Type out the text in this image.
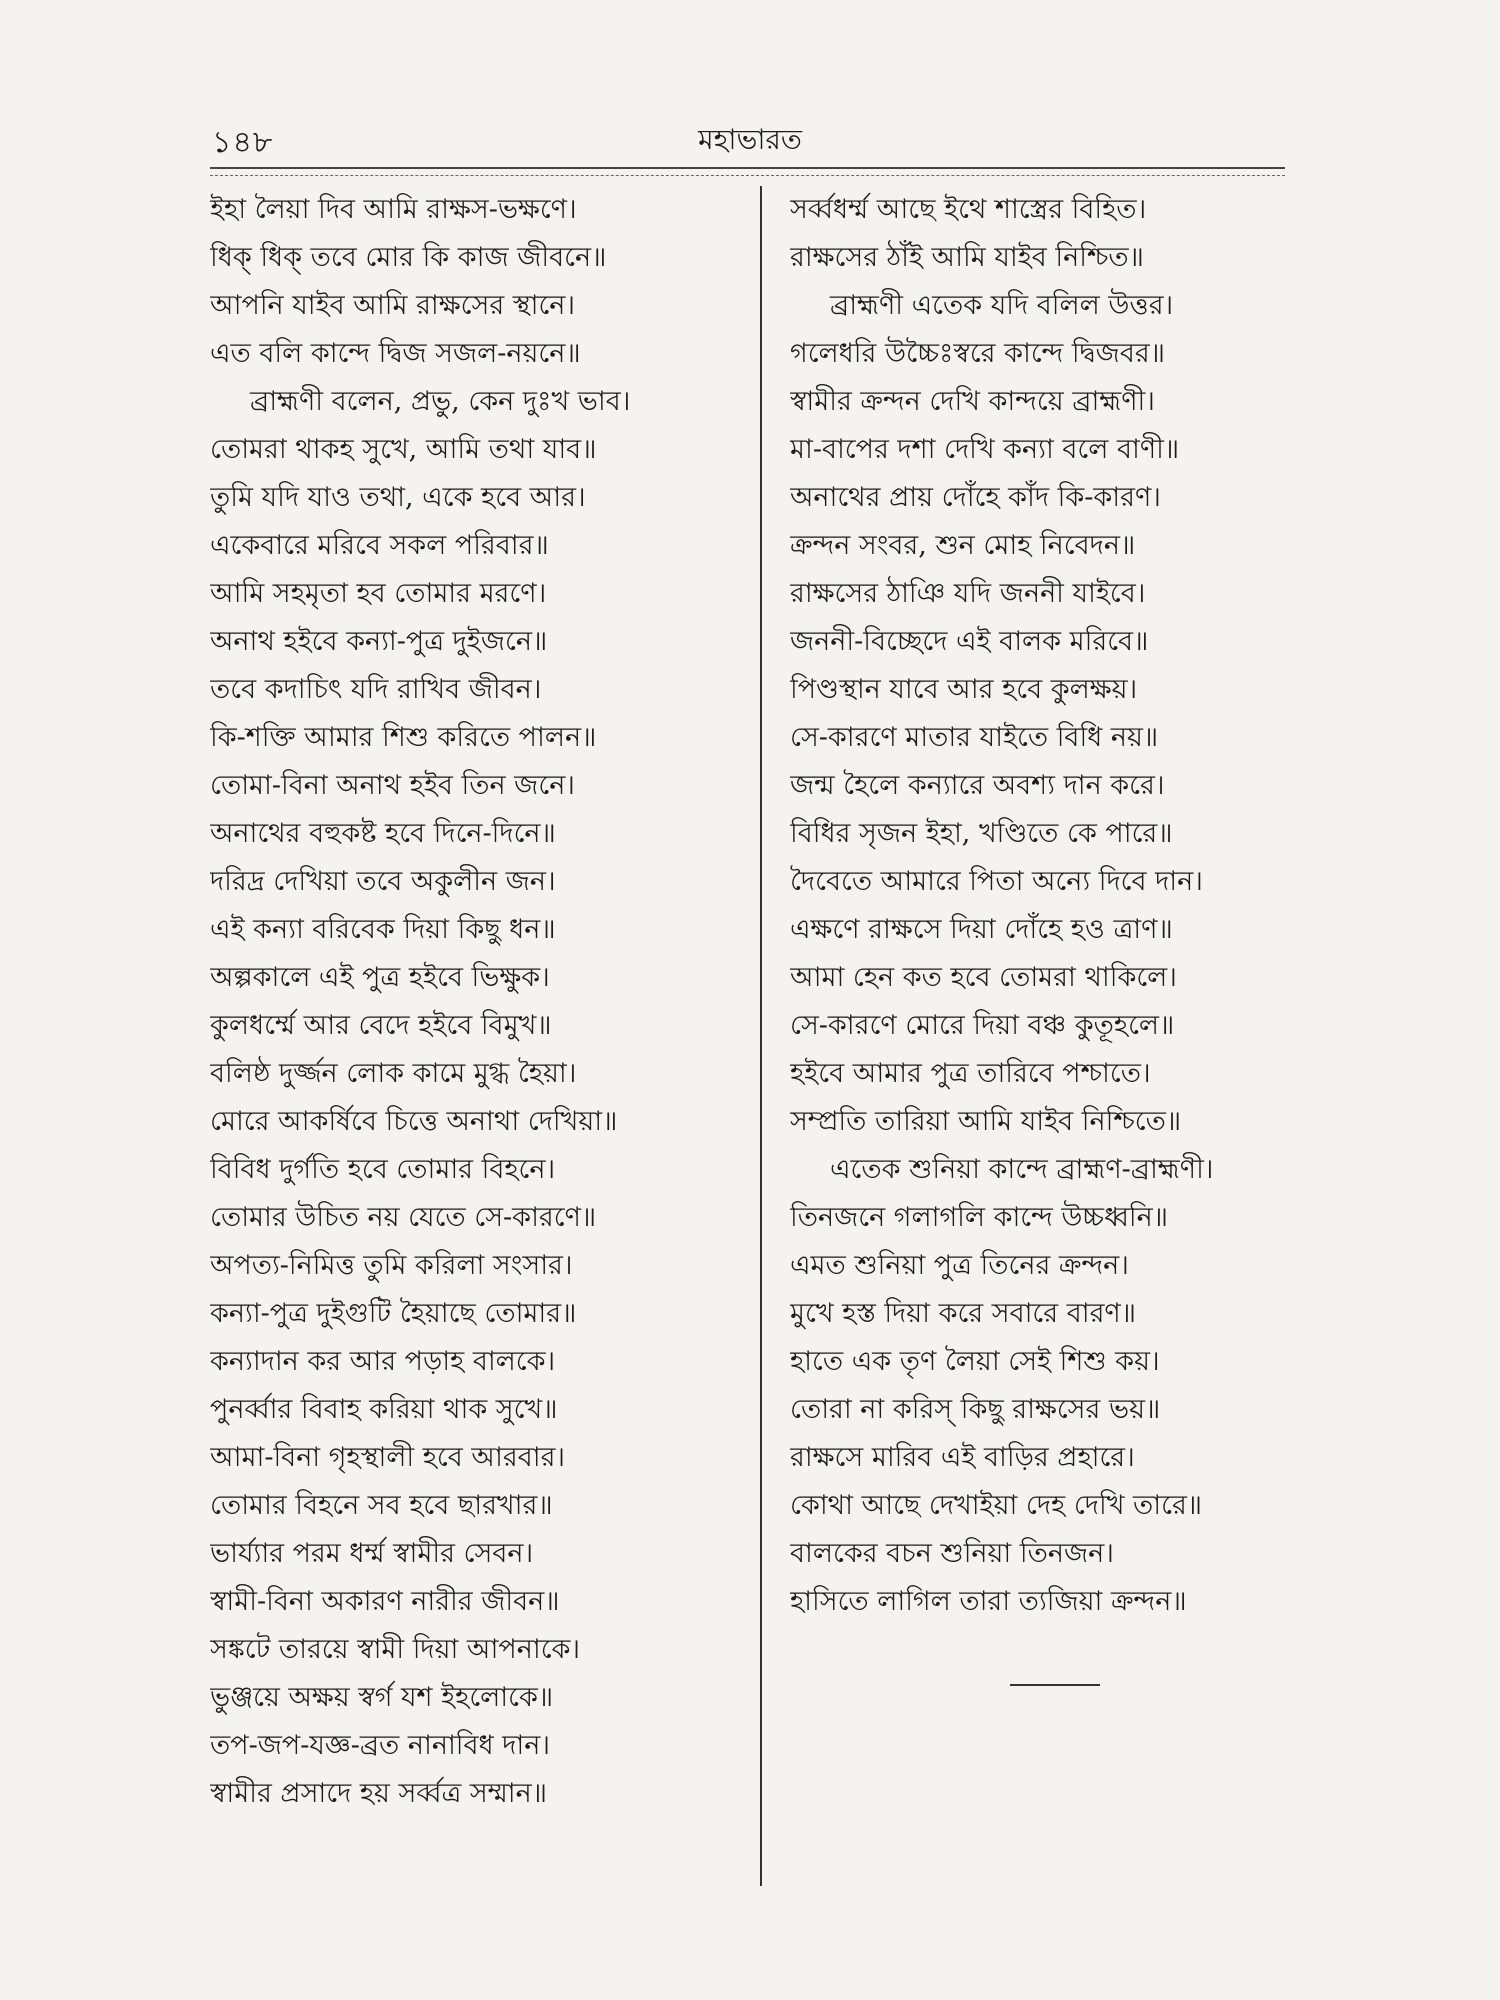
১৪৮	মহাভারত
ইহা লৈয়া দিব আমি রাক্ষস-ভক্ষণে।
ধিক্ ধিক্ তবে মোর কি কাজ জীবনে॥
আপনি যাইব আমি রাক্ষসের স্থানে।
এত বলি কান্দে দ্বিজ সজল-নয়নে॥
ব্রাহ্মণী বলেন, প্রভু, কেন দুঃখ ভাব।
তোমরা থাকহ সুখে, আমি তথা যাব॥
তুমি যদি যাও তথা, একে হবে আর।
একেবারে মরিবে সকল পরিবার॥
আমি সহমৃতা হব তোমার মরণে।
অনাথ হইবে কন্যা-পুত্র দুইজনে॥
তবে কদাচিৎ যদি রাখিব জীবন।
কি-শক্তি আমার শিশু করিতে পালন॥
তোমা-বিনা অনাথ হইব তিন জনে।
অনাথের বহুকষ্ট হবে দিনে-দিনে॥
দরিদ্র দেখিয়া তবে অকুলীন জন।
এই কন্যা বরিবেক দিয়া কিছু ধন॥
অল্পকালে এই পুত্র হইবে ভিক্ষুক।
কুলধর্ম্মে আর বেদে হইবে বিমুখ॥
বলিষ্ঠ দুর্জ্জন লোক কামে মুগ্ধ হৈয়া।
মোরে আকর্ষিবে চিত্তে অনাথা দেখিয়া॥
বিবিধ দুর্গতি হবে তোমার বিহনে।
তোমার উচিত নয় যেতে সে-কারণে॥
অপত্য-নিমিত্ত তুমি করিলা সংসার।
কন্যা-পুত্র দুইগুটি হৈয়াছে তোমার॥
কন্যাদান কর আর পড়াহ বালকে।
পুনর্ব্বার বিবাহ করিয়া থাক সুখে॥
আমা-বিনা গৃহস্থালী হবে আরবার।
তোমার বিহনে সব হবে ছারখার॥
ভার্য্যার পরম ধর্ম্ম স্বামীর সেবন।
স্বামী-বিনা অকারণ নারীর জীবন॥
সঙ্কটে তারয়ে স্বামী দিয়া আপনাকে।
ভুঞ্জয়ে অক্ষয় স্বর্গ যশ ইহলোকে॥
তপ-জপ-যজ্ঞ-ব্রত নানাবিধ দান।
স্বামীর প্রসাদে হয় সর্ব্বত্র সম্মান॥
সর্ব্বধর্ম্ম আছে ইথে শাস্ত্রের বিহিত।
রাক্ষসের ঠাঁই আমি যাইব নিশ্চিত॥
ব্রাহ্মণী এতেক যদি বলিল উত্তর।
গলেধরি উচ্চৈঃস্বরে কান্দে দ্বিজবর॥
স্বামীর ক্রন্দন দেখি কান্দয়ে ব্রাহ্মণী।
মা-বাপের দশা দেখি কন্যা বলে বাণী॥
অনাথের প্রায় দোঁহে কাঁদ কি-কারণ।
ক্রন্দন সংবর, শুন মোহ নিবেদন॥
রাক্ষসের ঠাঞি যদি জননী যাইবে।
জননী-বিচ্ছেদে এই বালক মরিবে॥
পিণ্ডস্থান যাবে আর হবে কুলক্ষয়।
সে-কারণে মাতার যাইতে বিধি নয়॥
জন্ম হৈলে কন্যারে অবশ্য দান করে।
বিধির সৃজন ইহা, খণ্ডিতে কে পারে॥
দৈবেতে আমারে পিতা অন্যে দিবে দান।
এক্ষণে রাক্ষসে দিয়া দোঁহে হও ত্রাণ॥
আমা হেন কত হবে তোমরা থাকিলে।
সে-কারণে মোরে দিয়া বঞ্চ কুতূহলে॥
হইবে আমার পুত্র তারিবে পশ্চাতে।
সম্প্রতি তারিয়া আমি যাইব নিশ্চিতে॥
এতেক শুনিয়া কান্দে ব্রাহ্মণ-ব্রাহ্মণী।
তিনজনে গলাগলি কান্দে উচ্চধ্বনি॥
এমত শুনিয়া পুত্র তিনের ক্রন্দন।
মুখে হস্ত দিয়া করে সবারে বারণ॥
হাতে এক তৃণ লৈয়া সেই শিশু কয়।
তোরা না করিস্ কিছু রাক্ষসের ভয়॥
রাক্ষসে মারিব এই বাড়ির প্রহারে।
কোথা আছে দেখাইয়া দেহ দেখি তারে॥
বালকের বচন শুনিয়া তিনজন।
হাসিতে লাগিল তারা ত্যজিয়া ক্রন্দন॥
